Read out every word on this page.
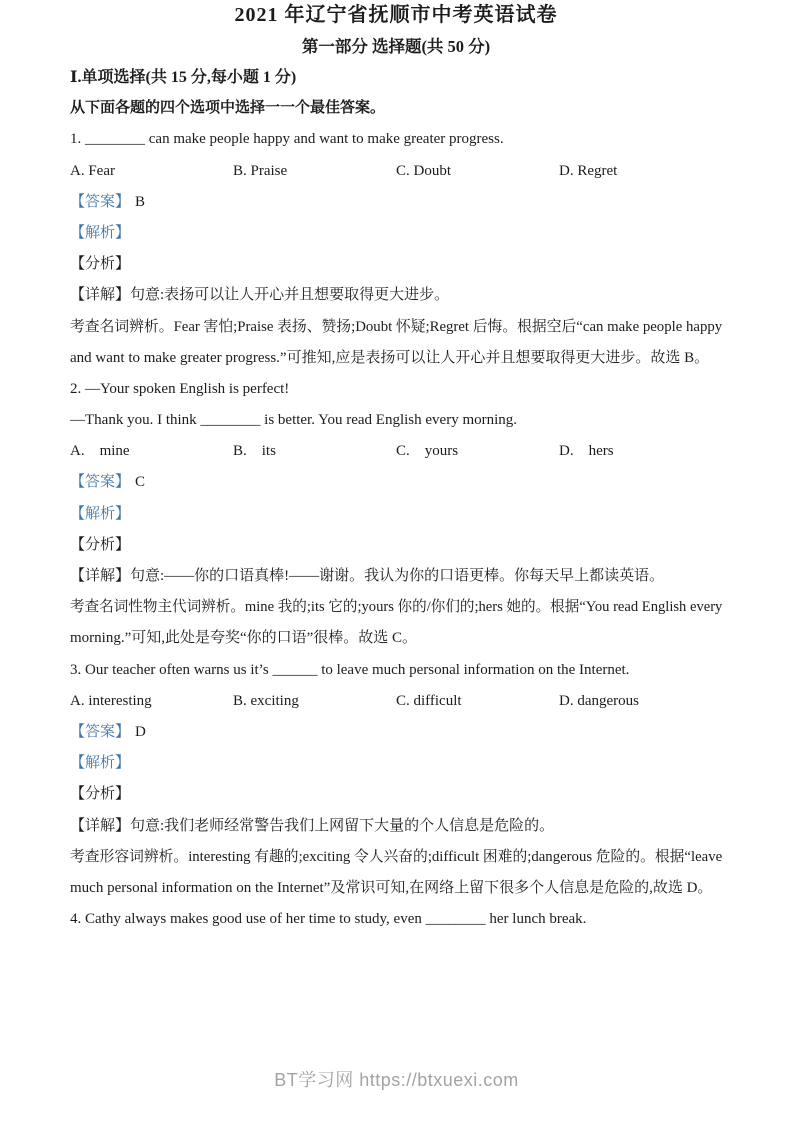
2021 年辽宁省抚顺市中考英语试卷
第一部分 选择题(共 50 分)

Ⅰ.单项选择(共 15 分,每小题 1 分)

从下面各题的四个选项中选择一一个最佳答案。

1. ________ can make people happy and want to make greater progress.

A. Fear	B. Praise	C. Doubt	D. Regret

【答案】 B

【解析】

【分析】

【详解】句意:表扬可以让人开心并且想要取得更大进步。

考查名词辨析。Fear 害怕;Praise 表扬、赞扬;Doubt 怀疑;Regret 后悔。根据空后“can make people happy

and want to make greater progress.”可推知,应是表扬可以让人开心并且想要取得更大进步。故选 B。

2. —Your spoken English is perfect!

—Thank you. I think ________ is better. You read English every morning.

A.    mine	B.    its	C.    yours	D.    hers

【答案】 C

【解析】

【分析】

【详解】句意:——你的口语真棒!——谢谢。我认为你的口语更棒。你每天早上都读英语。

考查名词性物主代词辨析。mine 我的;its 它的;yours 你的/你们的;hers 她的。根据“You read English every

morning.”可知,此处是夸奖“你的口语”很棒。故选 C。

3. Our teacher often warns us it’s ______ to leave much personal information on the Internet.

A. interesting	B. exciting	C. difficult	D. dangerous

【答案】 D

【解析】

【分析】

【详解】句意:我们老师经常警告我们上网留下大量的个人信息是危险的。

考查形容词辨析。interesting 有趣的;exciting 令人兴奋的;difficult 困难的;dangerous 危险的。根据“leave

much personal information on the Internet”及常识可知,在网络上留下很多个人信息是危险的,故选 D。

4. Cathy always makes good use of her time to study, even ________ her lunch break.

BT学习网 https://btxuexi.com
